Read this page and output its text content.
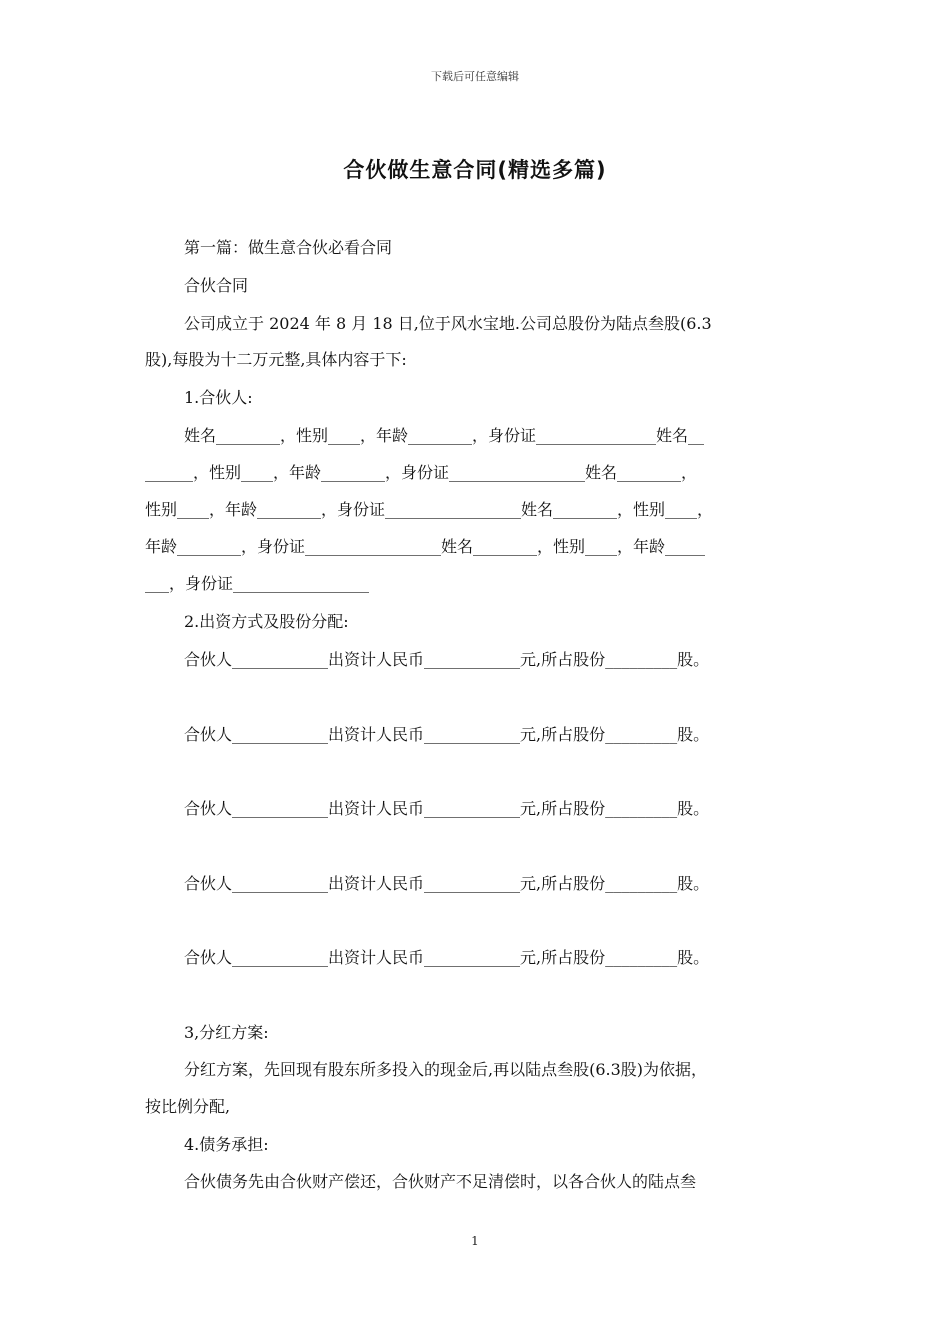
下载后可任意编辑
合伙做生意合同(精选多篇)
第一篇：做生意合伙必看合同
合伙合同
公司成立于 2024 年 8 月 18 日,位于风水宝地.公司总股份为陆点叁股(6.3
股),每股为十二万元整,具体内容于下:
1.合伙人:
姓名________，性别____，年龄________，身份证_______________姓名__
______，性别____，年龄________，身份证_________________姓名________，
性别____，年龄________，身份证_________________姓名________，性别____，
年龄________，身份证_________________姓名________，性别____，年龄_____
___，身份证_________________
2.出资方式及股份分配:
合伙人____________出资计人民币____________元,所占股份_________股。
合伙人____________出资计人民币____________元,所占股份_________股。
合伙人____________出资计人民币____________元,所占股份_________股。
合伙人____________出资计人民币____________元,所占股份_________股。
合伙人____________出资计人民币____________元,所占股份_________股。
3,分红方案:
分红方案，先回现有股东所多投入的现金后,再以陆点叁股(6.3股)为依据，
按比例分配,
4.债务承担:
合伙债务先由合伙财产偿还，合伙财产不足清偿时，以各合伙人的陆点叁
1
